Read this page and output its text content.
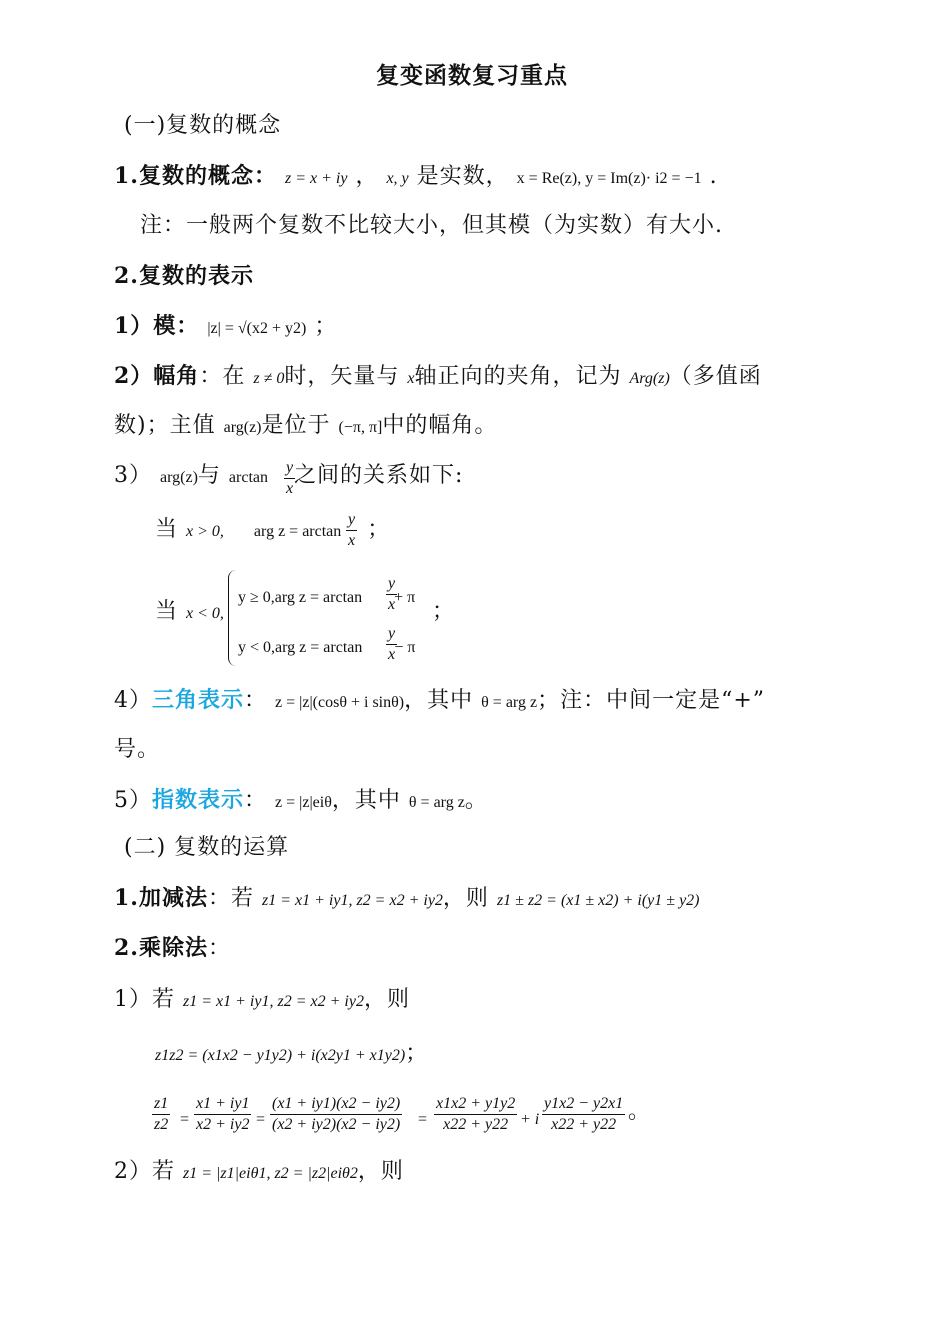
复变函数复习重点
(一)复数的概念
1.复数的概念： z = x + iy ， x, y 是实数， x = Re(z), y = Im(z)· i2 = −1 .
注：一般两个复数不比较大小，但其模（为实数）有大小.
2.复数的表示
1）模： |z| = √(x2 + y2) ；
2）幅角：在 z ≠ 0时，矢量与 x轴正向的夹角，记为 Arg(z)（多值函
数)；主值 arg(z)是位于 (−π, π]中的幅角。
3） arg(z)与 arctan 之间的关系如下:
$\frac{y}{x}$
当 x > 0, arg z = arctan ；
$\frac{y}{x}$
当 x < 0,
y ≥ 0,arg z = arctan + π
$\frac{y}{x}$
y < 0,arg z = arctan − π
$\frac{y}{x}$
；
4）三角表示： z = |z|(cosθ + i sinθ)，其中 θ = arg z；注：中间一定是“+”
号。
5）指数表示： z = |z|eiθ，其中 θ = arg z。
(二) 复数的运算
1.加减法：若 z1 = x1 + iy1, z2 = x2 + iy2，则 z1 ± z2 = (x1 ± x2) + i(y1 ± y2)
2.乘除法：
1）若 z1 = x1 + iy1, z2 = x2 + iy2，则
z1z2 = (x1x2 − y1y2) + i(x2y1 + x1y2)；
$\frac{z1}{z2} = \frac{x1 + iy1}{x2 + iy2} = \frac{(x1 + iy1)(x2 - iy2)}{(x2 + iy2)(x2 - iy2)} = \frac{x1x2 + y1y2}{x22 + y22} + i \frac{y1x2 - y2x1}{x22 + y22}$ 。
2）若 z1 = |z1|eiθ1, z2 = |z2|eiθ2，则
